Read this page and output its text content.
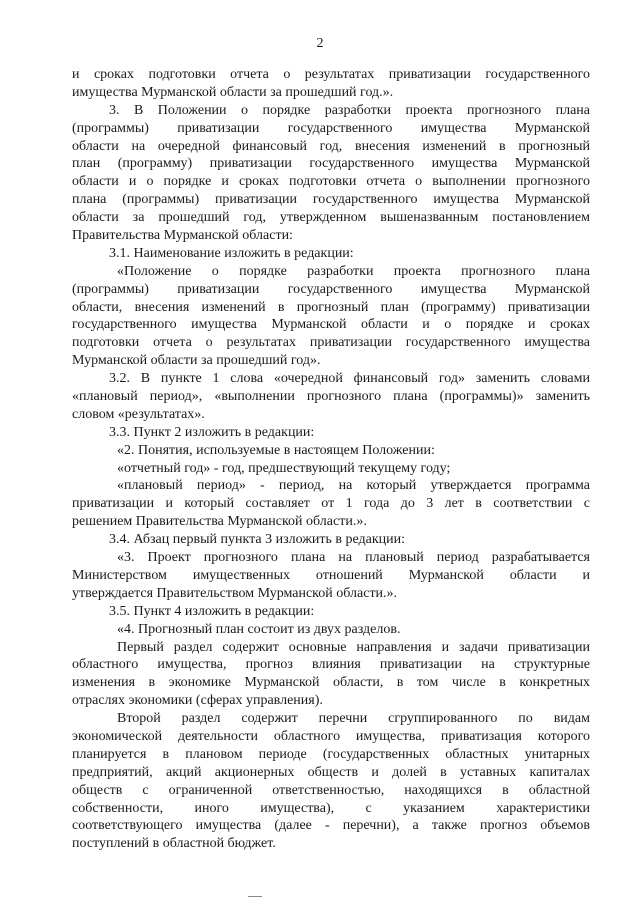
2
и сроках подготовки отчета о результатах приватизации государственного
имущества Мурманской области за прошедший год.».
3. В Положении о порядке разработки проекта прогнозного плана
(программы) приватизации государственного имущества Мурманской
области на очередной финансовый год, внесения изменений в прогнозный
план (программу) приватизации государственного имущества Мурманской
области и о порядке и сроках подготовки отчета о выполнении прогнозного
плана (программы) приватизации государственного имущества Мурманской
области за прошедший год, утвержденном вышеназванным постановлением
Правительства Мурманской области:
3.1. Наименование изложить в редакции:
«Положение о порядке разработки проекта прогнозного плана
(программы) приватизации государственного имущества Мурманской
области, внесения изменений в прогнозный план (программу) приватизации
государственного имущества Мурманской области и о порядке и сроках
подготовки отчета о результатах приватизации государственного имущества
Мурманской области за прошедший год».
3.2. В пункте 1 слова «очередной финансовый год» заменить словами
«плановый период», «выполнении прогнозного плана (программы)» заменить
словом «результатах».
3.3. Пункт 2 изложить в редакции:
«2. Понятия, используемые в настоящем Положении:
«отчетный год» - год, предшествующий текущему году;
«плановый период» - период, на который утверждается программа
приватизации и который составляет от 1 года до 3 лет в соответствии с
решением Правительства Мурманской области.».
3.4. Абзац первый пункта 3 изложить в редакции:
«3. Проект прогнозного плана на плановый период разрабатывается
Министерством имущественных отношений Мурманской области и
утверждается Правительством Мурманской области.».
3.5. Пункт 4 изложить в редакции:
«4. Прогнозный план состоит из двух разделов.
Первый раздел содержит основные направления и задачи приватизации
областного имущества, прогноз влияния приватизации на структурные
изменения в экономике Мурманской области, в том числе в конкретных
отраслях экономики (сферах управления).
Второй раздел содержит перечни сгруппированного по видам
экономической деятельности областного имущества, приватизация которого
планируется в плановом периоде (государственных областных унитарных
предприятий, акций акционерных обществ и долей в уставных капиталах
обществ с ограниченной ответственностью, находящихся в областной
собственности, иного имущества), с указанием характеристики
соответствующего имущества (далее - перечни), а также прогноз объемов
поступлений в областной бюджет.
